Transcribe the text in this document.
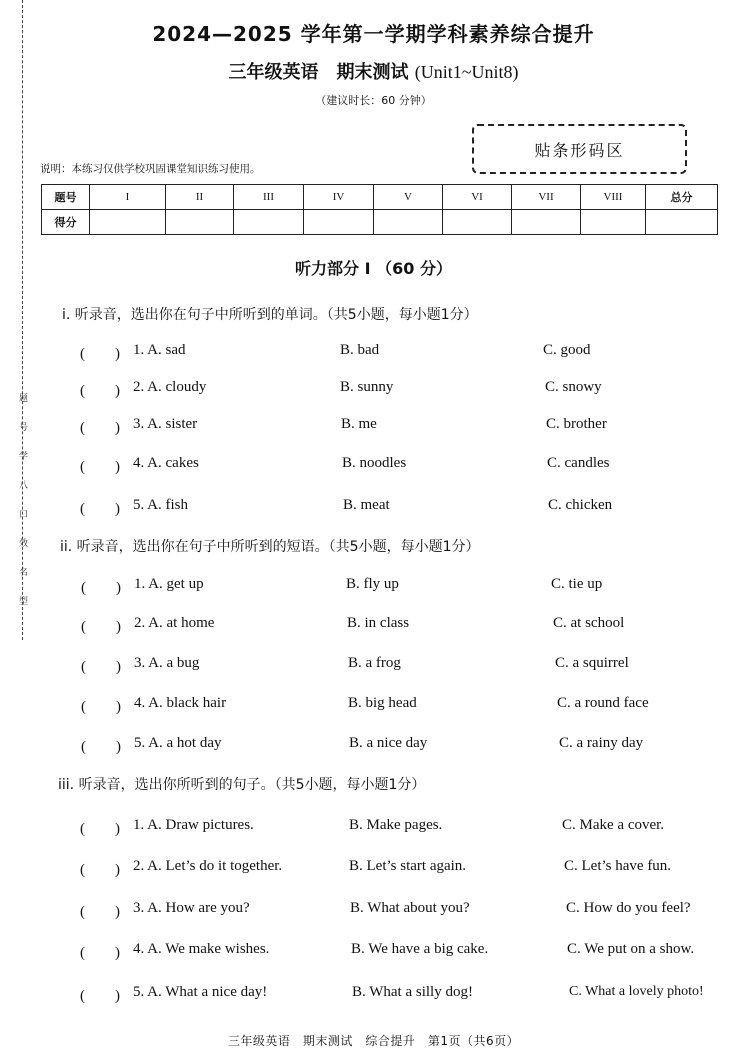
题
号
学
八
口
效
名
型
2024—2025 学年第一学期学科素养综合提升
三年级英语　期末测试 (Unit1~Unit8)
（建议时长：60 分钟）
贴条形码区
说明：本练习仅供学校巩固课堂知识练习使用。
题号	I	II	III	IV	V	VI	VII	VIII	总分
得分									
听力部分 I （60 分）
i. 听录音，选出你在句子中所听到的单词。（共5小题，每小题1分）
(　　) 1. A. sad	B. bad	C. good
(　　) 2. A. cloudy	B. sunny	C. snowy
(　　) 3. A. sister	B. me	C. brother
(　　) 4. A. cakes	B. noodles	C. candles
(　　) 5. A. fish	B. meat	C. chicken
ii. 听录音，选出你在句子中所听到的短语。（共5小题，每小题1分）
(　　) 1. A. get up	B. fly up	C. tie up
(　　) 2. A. at home	B. in class	C. at school
(　　) 3. A. a bug	B. a frog	C. a squirrel
(　　) 4. A. black hair	B. big head	C. a round face
(　　) 5. A. a hot day	B. a nice day	C. a rainy day
iii. 听录音，选出你所听到的句子。（共5小题，每小题1分）
(　　) 1. A. Draw pictures.	B. Make pages.	C. Make a cover.
(　　) 2. A. Let’s do it together.	B. Let’s start again.	C. Let’s have fun.
(　　) 3. A. How are you?	B. What about you?	C. How do you feel?
(　　) 4. A. We make wishes.	B. We have a big cake.	C. We put on a show.
(　　) 5. A. What a nice day!	B. What a silly dog!	C. What a lovely photo!
三年级英语　期末测试　综合提升　第1页（共6页）
